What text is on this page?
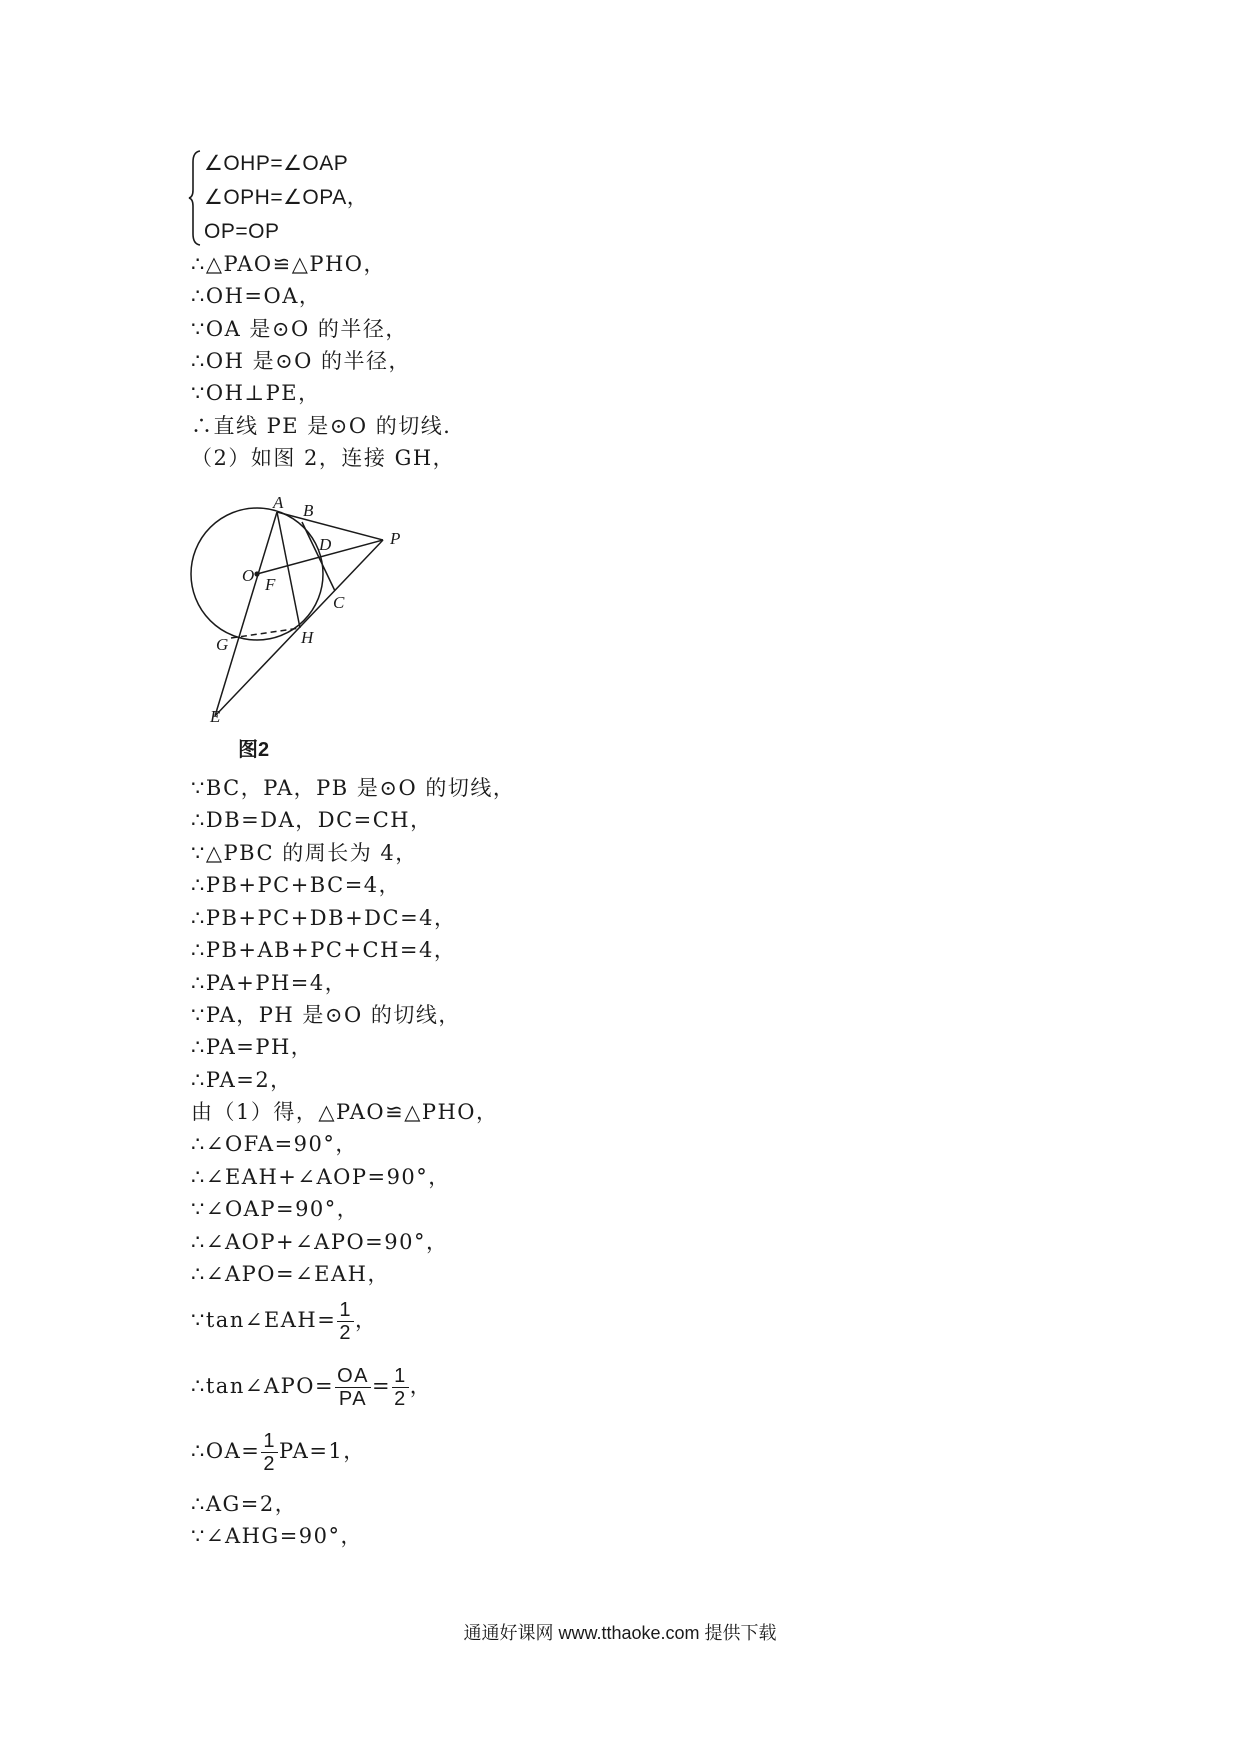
∠OHP=∠OAP
∠OPH=∠OPA，
OP=OP
∴△PAO≌△PHO，
∴OH=OA，
∵OA 是⊙O 的半径，
∴OH 是⊙O 的半径，
∵OH⊥PE，
∴直线 PE 是⊙O 的切线．
（2）如图 2，连接 GH，
A B
P
D
O F
C
G	H
E
图2
∵BC，PA，PB 是⊙O 的切线，
∴DB=DA，DC=CH，
∵△PBC 的周长为 4，
∴PB+PC+BC=4，
∴PB+PC+DB+DC=4，
∴PB+AB+PC+CH=4，
∴PA+PH=4，
∵PA，PH 是⊙O 的切线，
∴PA=PH，
∴PA=2，
由（1）得，△PAO≌△PHO，
∴∠OFA=90°，
∴∠EAH+∠AOP=90°，
∵∠OAP=90°，
∴∠AOP+∠APO=90°，
∴∠APO=∠EAH，
∵tan∠EAH= $\frac{1}{2}$ ，
∴tan∠APO= $\frac{OA}{PA} = \frac{1}{2}$ ，
∴OA= $\frac{1}{2} PA=1$，
∴AG=2，
∵∠AHG=90°，
通通好课网 www.tthaoke.com 提供下载
